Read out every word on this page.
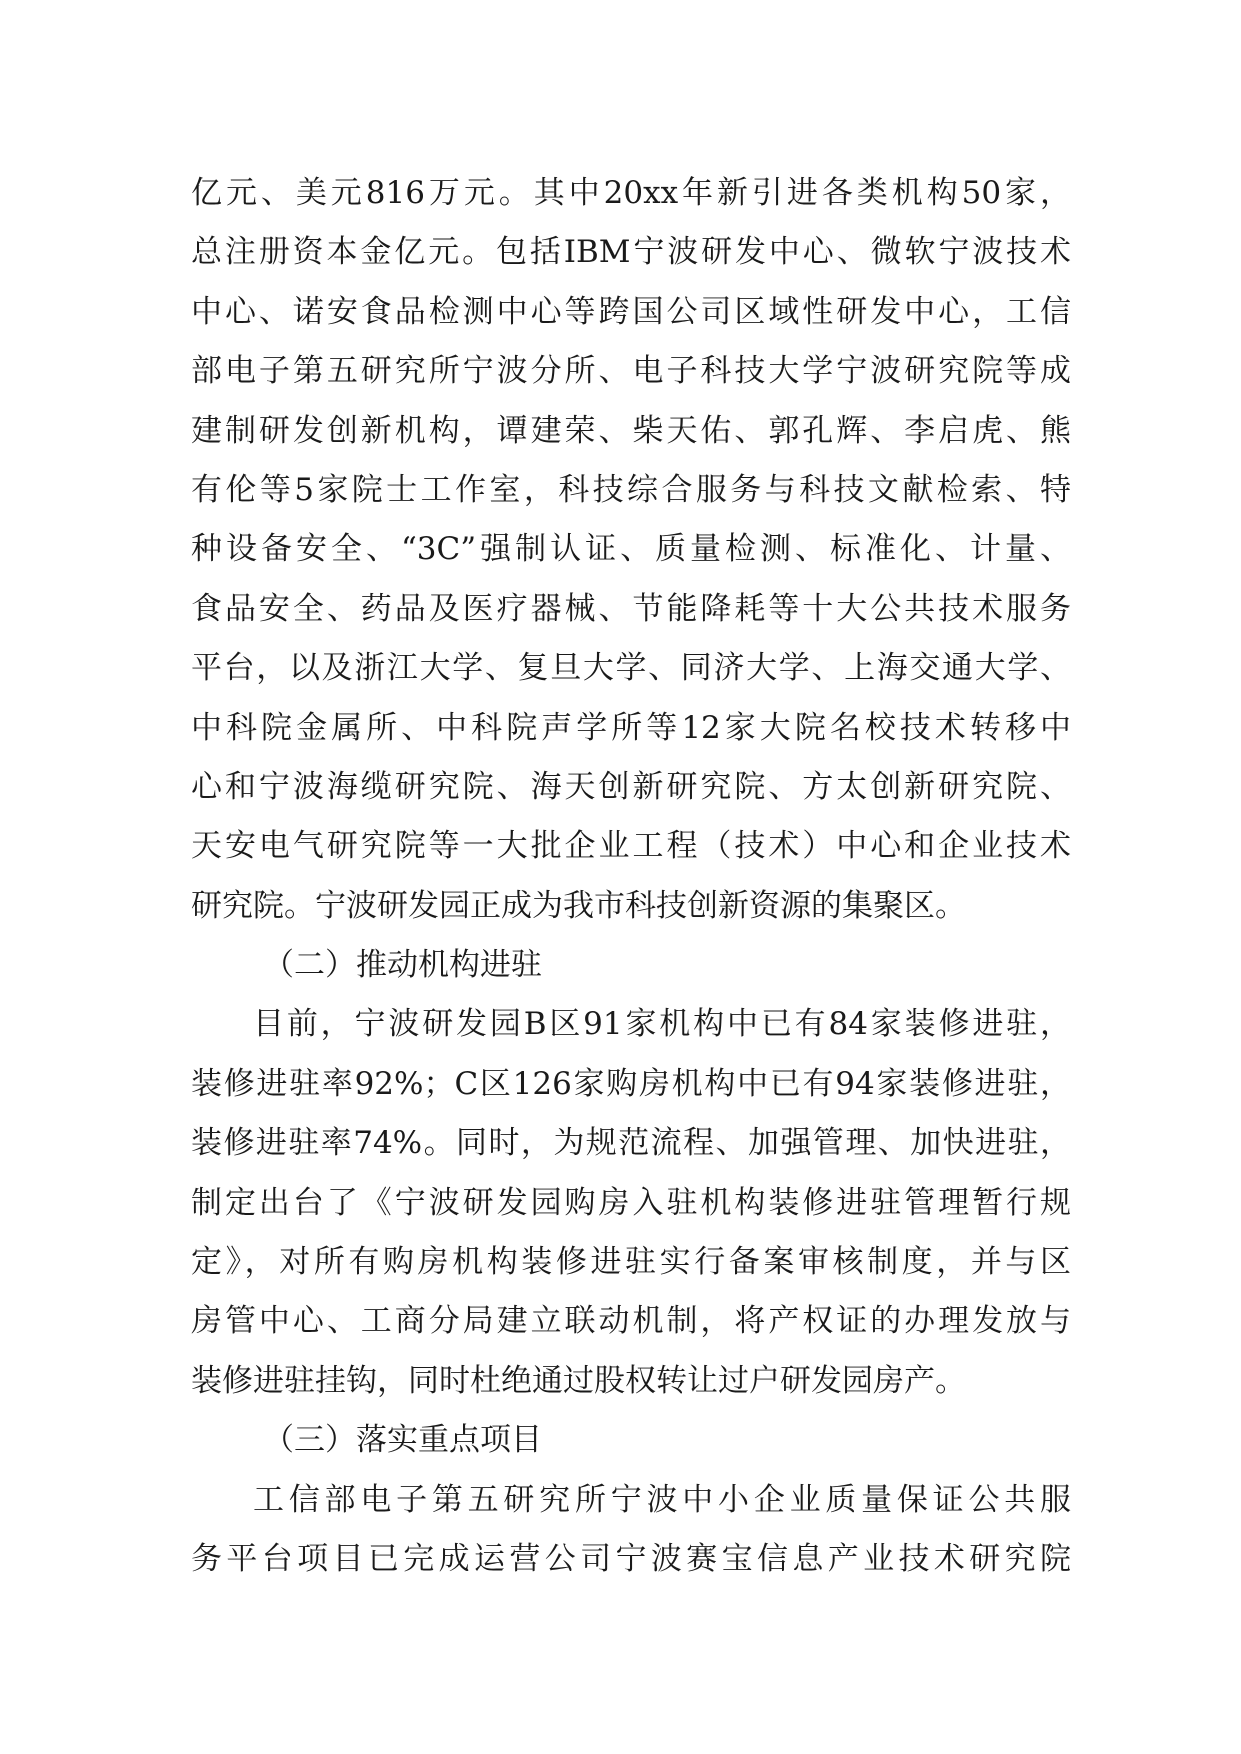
亿元、美元816万元。其中20xx年新引进各类机构50家，
总注册资本金亿元。包括IBM宁波研发中心、微软宁波技术
中心、诺安食品检测中心等跨国公司区域性研发中心，工信
部电子第五研究所宁波分所、电子科技大学宁波研究院等成
建制研发创新机构，谭建荣、柴天佑、郭孔辉、李启虎、熊
有伦等5家院士工作室，科技综合服务与科技文献检索、特
种设备安全、“3C”强制认证、质量检测、标准化、计量、
食品安全、药品及医疗器械、节能降耗等十大公共技术服务
平台，以及浙江大学、复旦大学、同济大学、上海交通大学、
中科院金属所、中科院声学所等12家大院名校技术转移中
心和宁波海缆研究院、海天创新研究院、方太创新研究院、
天安电气研究院等一大批企业工程（技术）中心和企业技术
研究院。宁波研发园正成为我市科技创新资源的集聚区。
（二）推动机构进驻
目前，宁波研发园B区91家机构中已有84家装修进驻，
装修进驻率92%；C区126家购房机构中已有94家装修进驻，
装修进驻率74%。同时，为规范流程、加强管理、加快进驻，
制定出台了《宁波研发园购房入驻机构装修进驻管理暂行规
定》，对所有购房机构装修进驻实行备案审核制度，并与区
房管中心、工商分局建立联动机制，将产权证的办理发放与
装修进驻挂钩，同时杜绝通过股权转让过户研发园房产。
（三）落实重点项目
工信部电子第五研究所宁波中小企业质量保证公共服
务平台项目已完成运营公司宁波赛宝信息产业技术研究院
